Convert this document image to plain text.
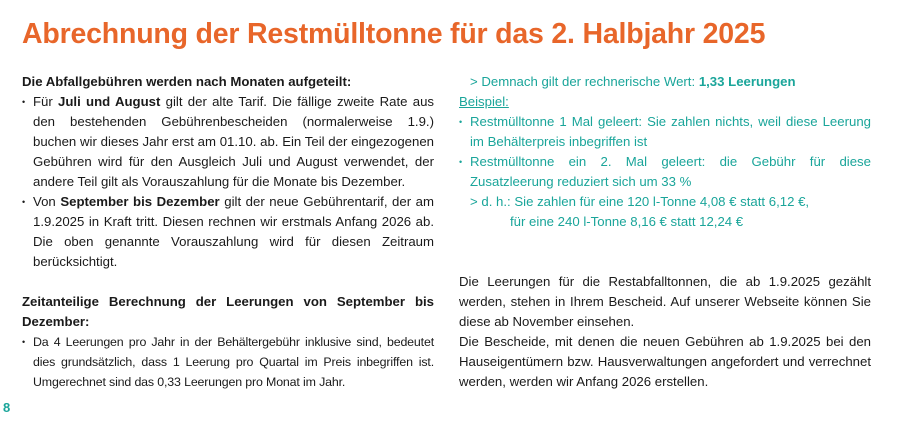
Abrechnung der Restmülltonne für das 2. Halbjahr 2025
Die Abfallgebühren werden nach Monaten aufgeteilt:
• Für Juli und August gilt der alte Tarif. Die fällige zweite Rate aus den bestehenden Gebührenbescheiden (normalerweise 1.9.) buchen wir dieses Jahr erst am 01.10. ab. Ein Teil der eingezogenen Gebühren wird für den Ausgleich Juli und August verwendet, der andere Teil gilt als Vorauszahlung für die Monate bis Dezember.
• Von September bis Dezember gilt der neue Gebührentarif, der am 1.9.2025 in Kraft tritt. Diesen rechnen wir erstmals Anfang 2026 ab. Die oben genannte Vorauszahlung wird für diesen Zeitraum berücksichtigt.
Zeitanteilige Berechnung der Leerungen von September bis Dezember:
• Da 4 Leerungen pro Jahr in der Behältergebühr inklusive sind, bedeutet dies grundsätzlich, dass 1 Leerung pro Quartal im Preis inbegriffen ist. Umgerechnet sind das 0,33 Leerungen pro Monat im Jahr.
> Demnach gilt der rechnerische Wert: 1,33 Leerungen
Beispiel:
• Restmülltonne 1 Mal geleert: Sie zahlen nichts, weil diese Leerung im Behälterpreis inbegriffen ist
• Restmülltonne ein 2. Mal geleert: die Gebühr für diese Zusatzleerung reduziert sich um 33 %
> d. h.: Sie zahlen für eine 120 l-Tonne 4,08 € statt 6,12 €,
für eine 240 l-Tonne 8,16 € statt 12,24 €
Die Leerungen für die Restabfalltonnen, die ab 1.9.2025 gezählt werden, stehen in Ihrem Bescheid. Auf unserer Webseite können Sie diese ab November einsehen.
Die Bescheide, mit denen die neuen Gebühren ab 1.9.2025 bei den Hauseigentümern bzw. Hausverwaltungen angefordert und verrechnet werden, werden wir Anfang 2026 erstellen.
8
